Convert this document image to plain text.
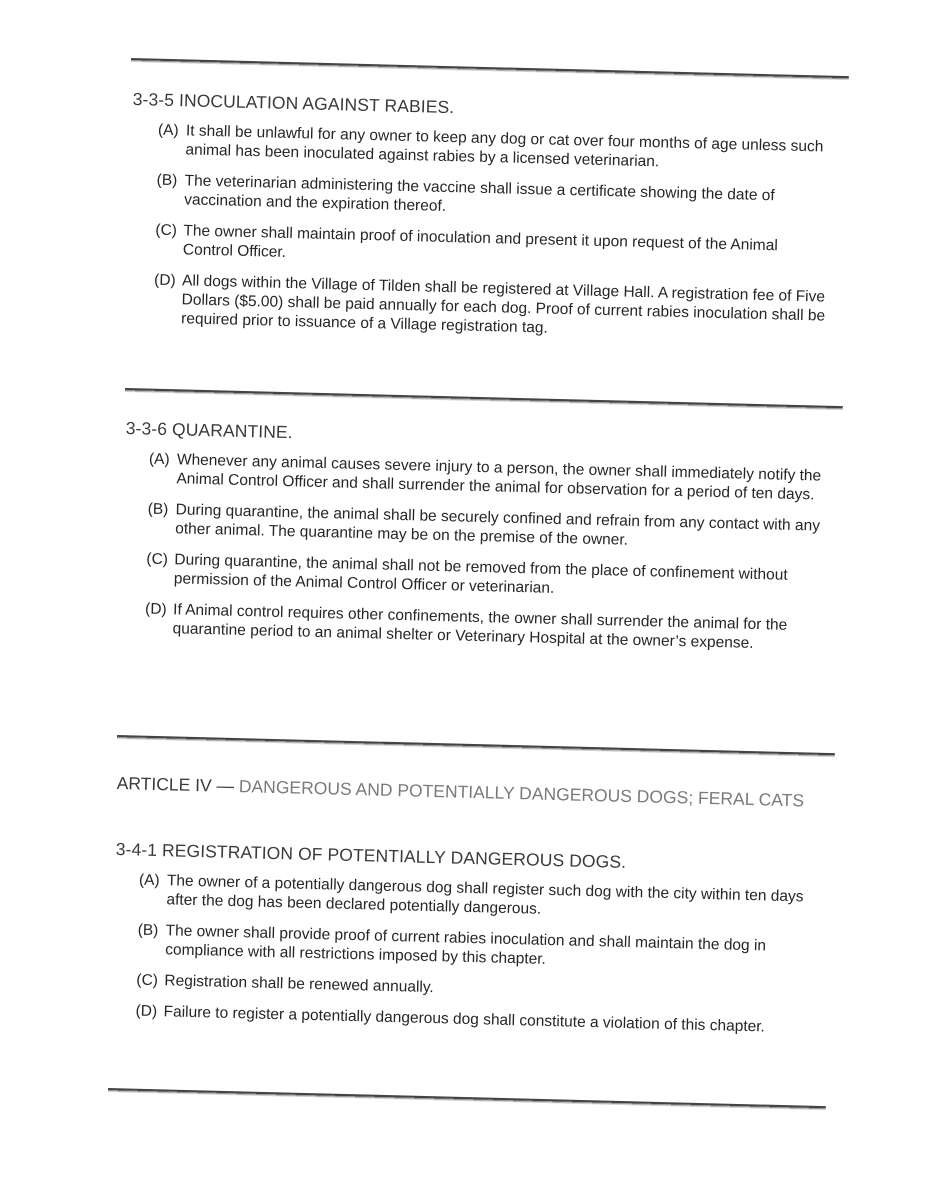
3-3-5 INOCULATION AGAINST RABIES.
(A) It shall be unlawful for any owner to keep any dog or cat over four months of age unless such animal has been inoculated against rabies by a licensed veterinarian.
(B) The veterinarian administering the vaccine shall issue a certificate showing the date of vaccination and the expiration thereof.
(C) The owner shall maintain proof of inoculation and present it upon request of the Animal Control Officer.
(D) All dogs within the Village of Tilden shall be registered at Village Hall. A registration fee of Five Dollars ($5.00) shall be paid annually for each dog. Proof of current rabies inoculation shall be required prior to issuance of a Village registration tag.
3-3-6 QUARANTINE.
(A) Whenever any animal causes severe injury to a person, the owner shall immediately notify the Animal Control Officer and shall surrender the animal for observation for a period of ten days.
(B) During quarantine, the animal shall be securely confined and refrain from any contact with any other animal. The quarantine may be on the premise of the owner.
(C) During quarantine, the animal shall not be removed from the place of confinement without permission of the Animal Control Officer or veterinarian.
(D) If Animal control requires other confinements, the owner shall surrender the animal for the quarantine period to an animal shelter or Veterinary Hospital at the owner’s expense.
ARTICLE IV — DANGEROUS AND POTENTIALLY DANGEROUS DOGS; FERAL CATS
3-4-1 REGISTRATION OF POTENTIALLY DANGEROUS DOGS.
(A) The owner of a potentially dangerous dog shall register such dog with the city within ten days after the dog has been declared potentially dangerous.
(B) The owner shall provide proof of current rabies inoculation and shall maintain the dog in compliance with all restrictions imposed by this chapter.
(C) Registration shall be renewed annually.
(D) Failure to register a potentially dangerous dog shall constitute a violation of this chapter.
